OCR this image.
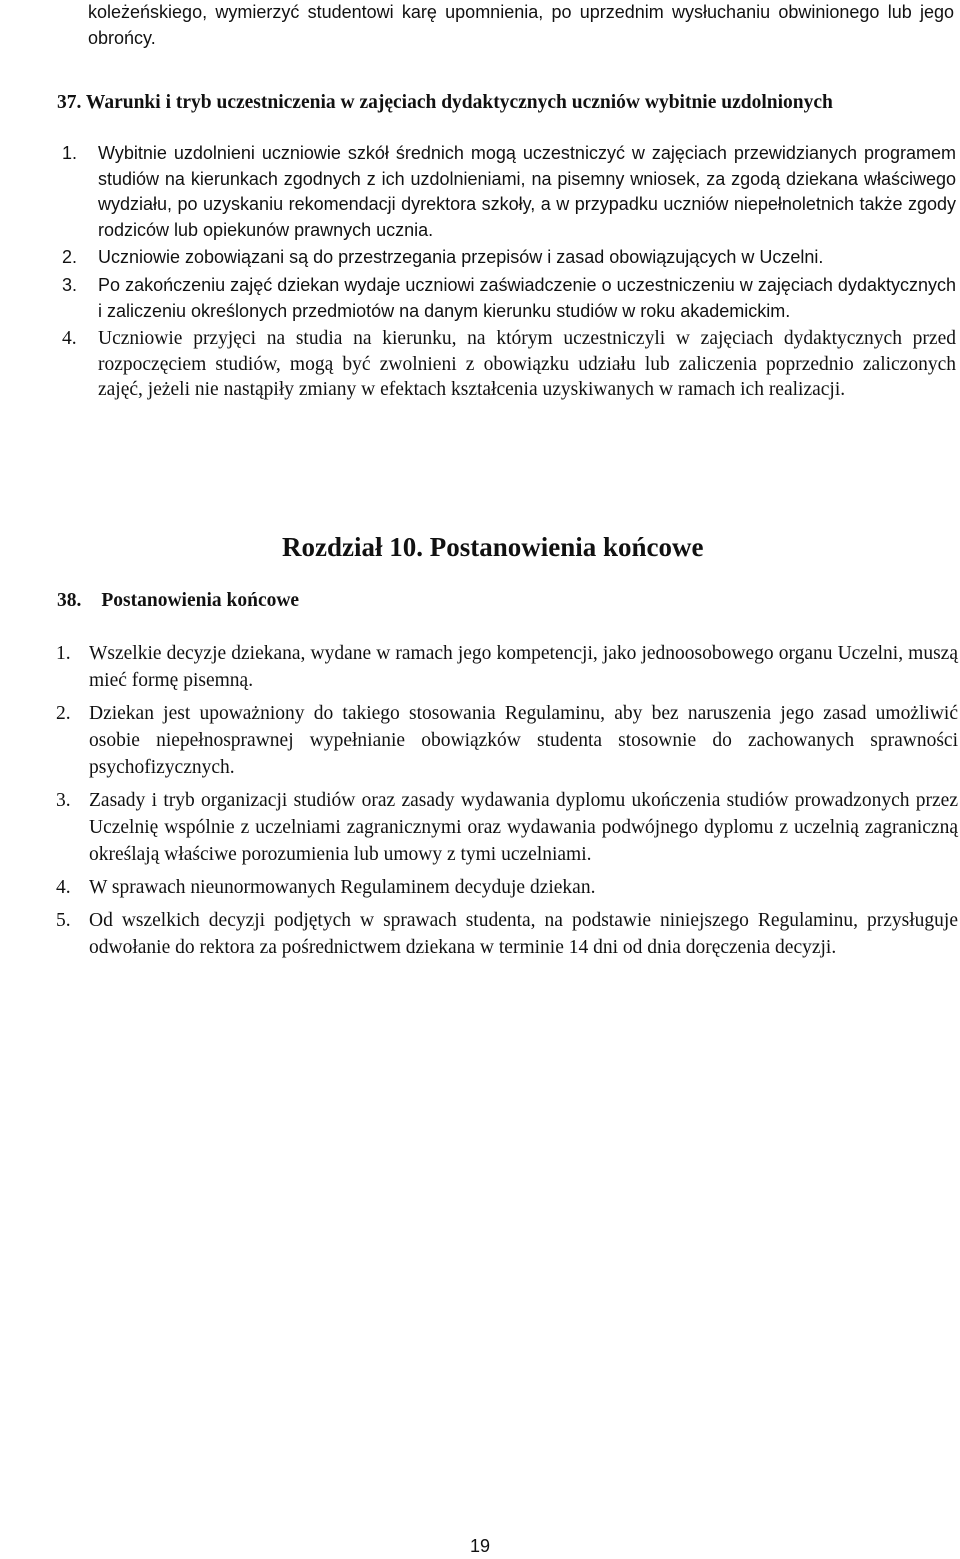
koleżeńskiego, wymierzyć studentowi karę upomnienia, po uprzednim wysłuchaniu obwinionego lub jego obrońcy.
37. Warunki i tryb uczestniczenia w zajęciach dydaktycznych uczniów wybitnie uzdolnionych
1. Wybitnie uzdolnieni uczniowie szkół średnich mogą uczestniczyć w zajęciach przewidzianych programem studiów na kierunkach zgodnych z ich uzdolnieniami, na pisemny wniosek, za zgodą dziekana właściwego wydziału, po uzyskaniu rekomendacji dyrektora szkoły, a w przypadku uczniów niepełnoletnich także zgody rodziców lub opiekunów prawnych ucznia.
2. Uczniowie zobowiązani są do przestrzegania przepisów i zasad obowiązujących w Uczelni.
3. Po zakończeniu zajęć dziekan wydaje uczniowi zaświadczenie o uczestniczeniu w zajęciach dydaktycznych i zaliczeniu określonych przedmiotów na danym kierunku studiów w roku akademickim.
4. Uczniowie przyjęci na studia na kierunku, na którym uczestniczyli w zajęciach dydaktycznych przed rozpoczęciem studiów, mogą być zwolnieni z obowiązku udziału lub zaliczenia poprzednio zaliczonych zajęć, jeżeli nie nastąpiły zmiany w efektach kształcenia uzyskiwanych w ramach ich realizacji.
Rozdział 10. Postanowienia końcowe
38. Postanowienia końcowe
1. Wszelkie decyzje dziekana, wydane w ramach jego kompetencji, jako jednoosobowego organu Uczelni, muszą mieć formę pisemną.
2. Dziekan jest upoważniony do takiego stosowania Regulaminu, aby bez naruszenia jego zasad umożliwić osobie niepełnosprawnej wypełnianie obowiązków studenta stosownie do zachowanych sprawności psychofizycznych.
3. Zasady i tryb organizacji studiów oraz zasady wydawania dyplomu ukończenia studiów prowadzonych przez Uczelnię wspólnie z uczelniami zagranicznymi oraz wydawania podwójnego dyplomu z uczelnią zagraniczną określają właściwe porozumienia lub umowy z tymi uczelniami.
4. W sprawach nieunormowanych Regulaminem decyduje dziekan.
5. Od wszelkich decyzji podjętych w sprawach studenta, na podstawie niniejszego Regulaminu, przysługuje odwołanie do rektora za pośrednictwem dziekana w terminie 14 dni od dnia doręczenia decyzji.
19
